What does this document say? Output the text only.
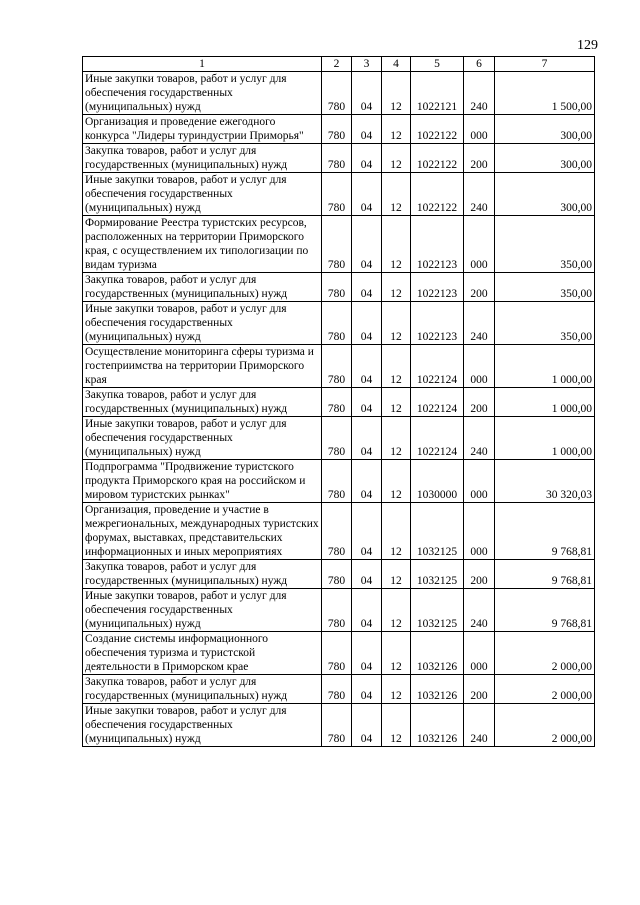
129
1	2	3	4	5	6	7
Иные закупки товаров, работ и услуг для обеспечения государственных (муниципальных) нужд	780	04	12	1022121	240	1 500,00
Организация и проведение ежегодного конкурса "Лидеры туриндустрии Приморья"	780	04	12	1022122	000	300,00
Закупка товаров, работ и услуг для государственных (муниципальных) нужд	780	04	12	1022122	200	300,00
Иные закупки товаров, работ и услуг для обеспечения государственных (муниципальных) нужд	780	04	12	1022122	240	300,00
Формирование Реестра туристских ресурсов, расположенных на территории Приморского края, с осуществлением их типологизации по видам туризма	780	04	12	1022123	000	350,00
Закупка товаров, работ и услуг для государственных (муниципальных) нужд	780	04	12	1022123	200	350,00
Иные закупки товаров, работ и услуг для обеспечения государственных (муниципальных) нужд	780	04	12	1022123	240	350,00
Осуществление мониторинга сферы туризма и гостеприимства на территории Приморского края	780	04	12	1022124	000	1 000,00
Закупка товаров, работ и услуг для государственных (муниципальных) нужд	780	04	12	1022124	200	1 000,00
Иные закупки товаров, работ и услуг для обеспечения государственных (муниципальных) нужд	780	04	12	1022124	240	1 000,00
Подпрограмма "Продвижение туристского продукта Приморского края на российском и мировом туристских рынках"	780	04	12	1030000	000	30 320,03
Организация, проведение и участие в межрегиональных, международных туристских форумах, выставках, представительских информационных и иных мероприятиях	780	04	12	1032125	000	9 768,81
Закупка товаров, работ и услуг для государственных (муниципальных) нужд	780	04	12	1032125	200	9 768,81
Иные закупки товаров, работ и услуг для обеспечения государственных (муниципальных) нужд	780	04	12	1032125	240	9 768,81
Создание системы информационного обеспечения туризма и туристской деятельности в Приморском крае	780	04	12	1032126	000	2 000,00
Закупка товаров, работ и услуг для государственных (муниципальных) нужд	780	04	12	1032126	200	2 000,00
Иные закупки товаров, работ и услуг для обеспечения государственных (муниципальных) нужд	780	04	12	1032126	240	2 000,00
